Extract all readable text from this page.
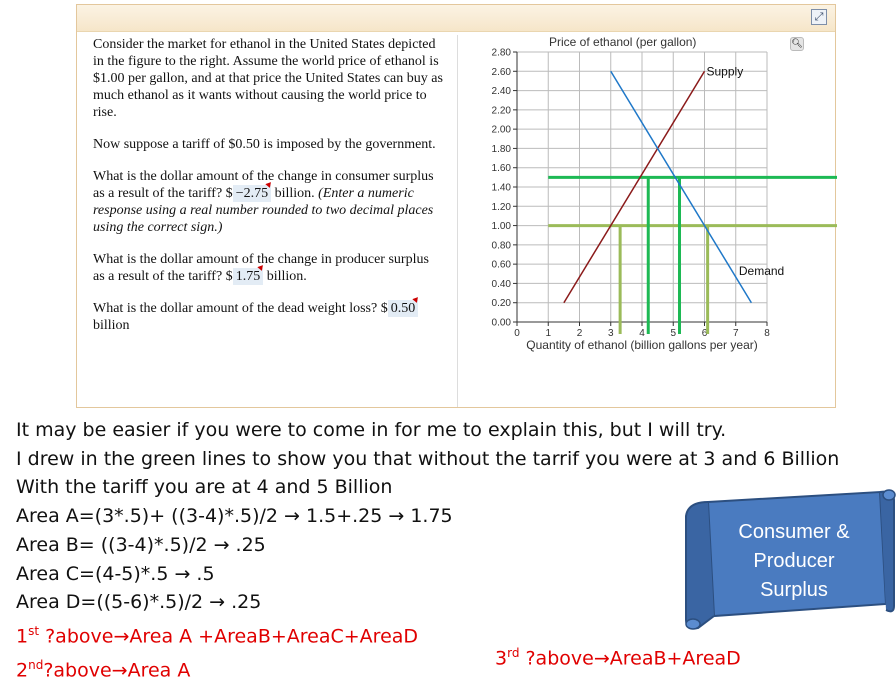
⤢

Consider the market for ethanol in the United States depicted in the figure to the right. Assume the world price of ethanol is $1.00 per gallon, and at that price the United States can buy as much ethanol as it wants without causing the world price to rise.

Now suppose a tariff of $0.50 is imposed by the government.

What is the dollar amount of the change in consumer surplus as a result of the tariff? $ −2.75 billion. (Enter a numeric response using a real number rounded to two decimal places using the correct sign.)

What is the dollar amount of the change in producer surplus as a result of the tariff? $ 1.75 billion.

What is the dollar amount of the dead weight loss? $ 0.50
billion	0.00
0.20
0.40
0.60
0.80
1.00
1.20
1.40
1.60
1.80
2.00
2.20
2.40
2.60
2.80
0	1	2	3	4	5	6	7	8
Price of ethanol (per gallon)
Quantity of ethanol (billion gallons per year)
Supply
Demand
🔍︎
It may be easier if you were to come in for me to explain this, but I will try.
I drew in the green lines to show you that without the tarrif you were at 3 and 6 Billion
With the tariff you are at 4 and 5 Billion
Area A=(3*.5)+ ((3-4)*.5)/2 → 1.5+.25 → 1.75
Area B= ((3-4)*.5)/2 → .25
Area C=(4-5)*.5 → .5
Area D=((5-6)*.5)/2 → .25
1st ?above→Area A +AreaB+AreaC+AreaD
2nd?above→Area A
3rd ?above→AreaB+AreaD
Consumer &
Producer
Surplus
